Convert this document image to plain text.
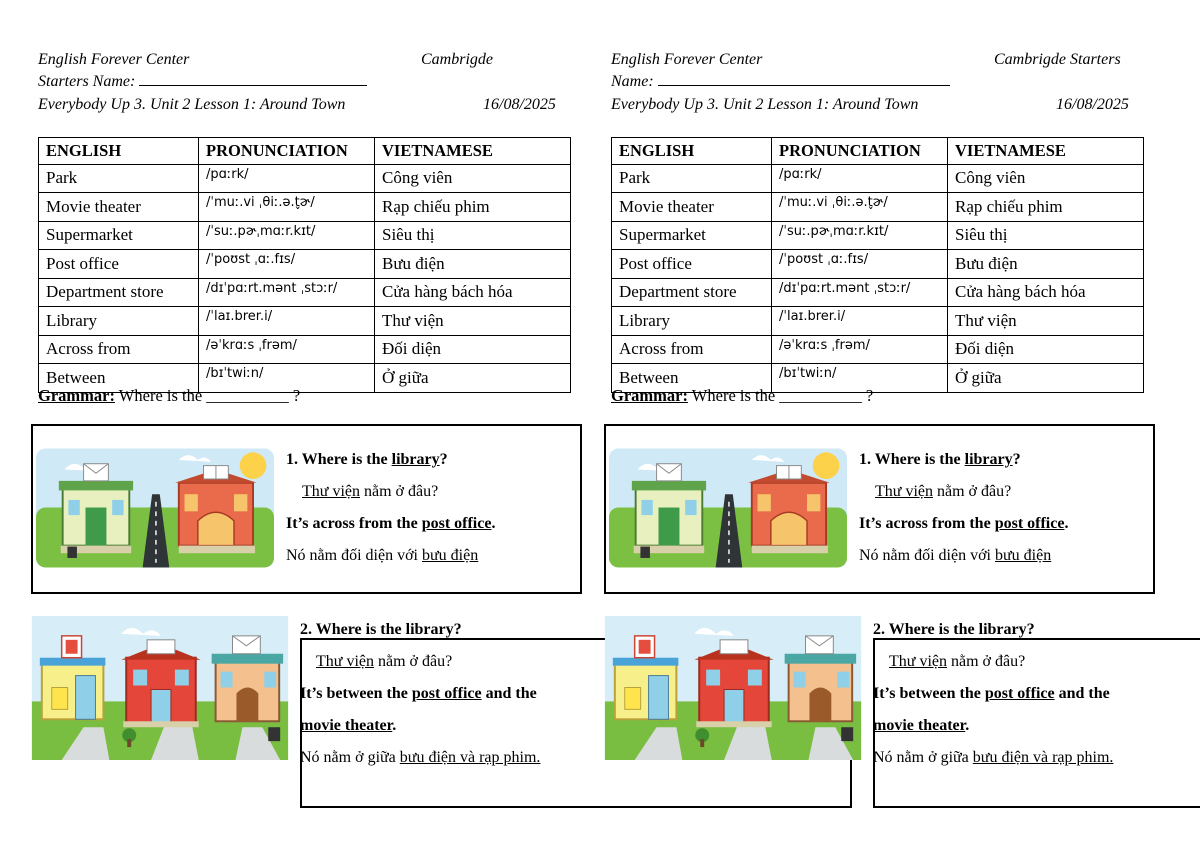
English Forever Center	Cambrigde
Starters Name:
Everybody Up 3. Unit 2 Lesson 1: Around Town	16/08/2025
ENGLISH	PRONUNCIATION	VIETNAMESE
Park	/pɑːrk/	Công viên
Movie theater	/ˈmuː.vi ˌθiː.ə.t̬ɚ/	Rạp chiếu phim
Supermarket	/ˈsuː.pɚˌmɑːr.kɪt/	Siêu thị
Post office	/ˈpoʊst ˌɑː.fɪs/	Bưu điện
Department store	/dɪˈpɑːrt.mənt ˌstɔːr/	Cửa hàng bách hóa
Library	/ˈlaɪ.brer.i/	Thư viện
Across from	/əˈkrɑːs ˌfrəm/	Đối diện
Between	/bɪˈtwiːn/	Ở giữa
Grammar: Where is the __________ ?
1. Where is the library?
Thư viện nằm ở đâu?
It’s across from the post office.
Nó nằm đối diện với bưu điện
2. Where is the library?
Thư viện nằm ở đâu?
It’s between the post office and the
movie theater.
Nó nằm ở giữa bưu điện và rạp phim.
English Forever Center	Cambrigde Starters
Name:
Everybody Up 3. Unit 2 Lesson 1: Around Town	16/08/2025
ENGLISH	PRONUNCIATION	VIETNAMESE
Park	/pɑːrk/	Công viên
Movie theater	/ˈmuː.vi ˌθiː.ə.t̬ɚ/	Rạp chiếu phim
Supermarket	/ˈsuː.pɚˌmɑːr.kɪt/	Siêu thị
Post office	/ˈpoʊst ˌɑː.fɪs/	Bưu điện
Department store	/dɪˈpɑːrt.mənt ˌstɔːr/	Cửa hàng bách hóa
Library	/ˈlaɪ.brer.i/	Thư viện
Across from	/əˈkrɑːs ˌfrəm/	Đối diện
Between	/bɪˈtwiːn/	Ở giữa
Grammar: Where is the __________ ?
1. Where is the library?
Thư viện nằm ở đâu?
It’s across from the post office.
Nó nằm đối diện với bưu điện
2. Where is the library?
Thư viện nằm ở đâu?
It’s between the post office and the
movie theater.
Nó nằm ở giữa bưu điện và rạp phim.
